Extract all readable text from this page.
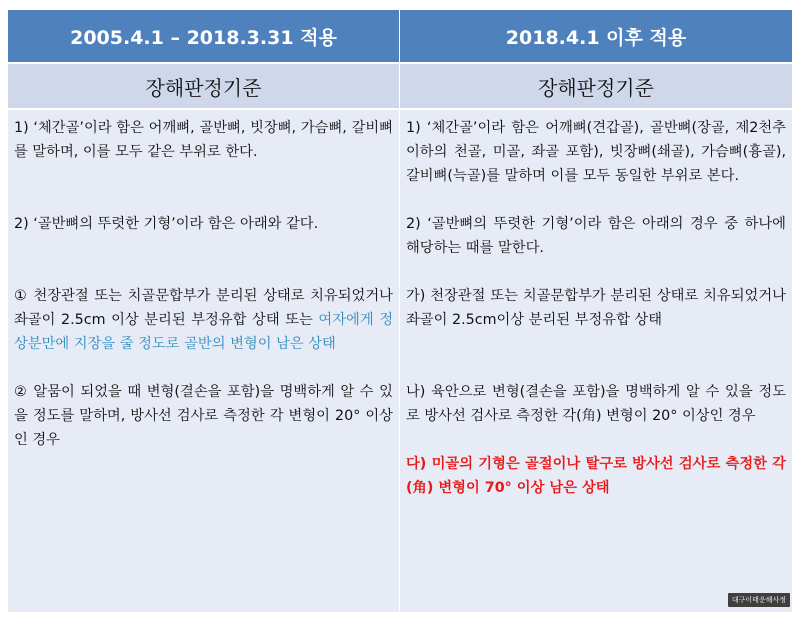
2005.4.1 – 2018.3.31 적용	2018.4.1 이후 적용
장해판정기준	장해판정기준

1) ‘체간골’이라 함은 어깨뼈, 골반뼈, 빗장뼈, 가슴뼈, 갈비뼈를 말하며, 이를 모두 같은 부위로 한다.

2) ‘골반뼈의 뚜렷한 기형’이라 함은 아래와 같다.

① 천장관절 또는 치골문합부가 분리된 상태로 치유되었거나 좌골이 2.5cm 이상 분리된 부정유합 상태 또는 여자에게 정상분만에 지장을 줄 정도로 골반의 변형이 남은 상태

② 알뭄이 되었을 때 변형(결손을 포함)을 명백하게 알 수 있을 정도를 말하며, 방사선 검사로 측정한 각 변형이 20° 이상인 경우

1) ‘체간골’이라 함은 어깨뼈(견갑골), 골반뼈(장골, 제2천추 이하의 천골, 미골, 좌골 포함), 빗장뼈(쇄골), 가슴뼈(흉골), 갈비뼈(늑골)를 말하며 이를 모두 동일한 부위로 본다.

2) ‘골반뼈의 뚜렷한 기형’이라 함은 아래의 경우 중 하나에 해당하는 때를 말한다.

가) 천장관절 또는 치골문합부가 분리된 상태로 치유되었거나 좌골이 2.5cm이상 분리된 부정유합 상태

나) 육안으로 변형(결손을 포함)을 명백하게 알 수 있을 정도로 방사선 검사로 측정한 각(角) 변형이 20° 이상인 경우

다) 미골의 기형은 골절이나 탈구로 방사선 검사로 측정한 각(角) 변형이 70° 이상 남은 상태

대구이태운해사정
